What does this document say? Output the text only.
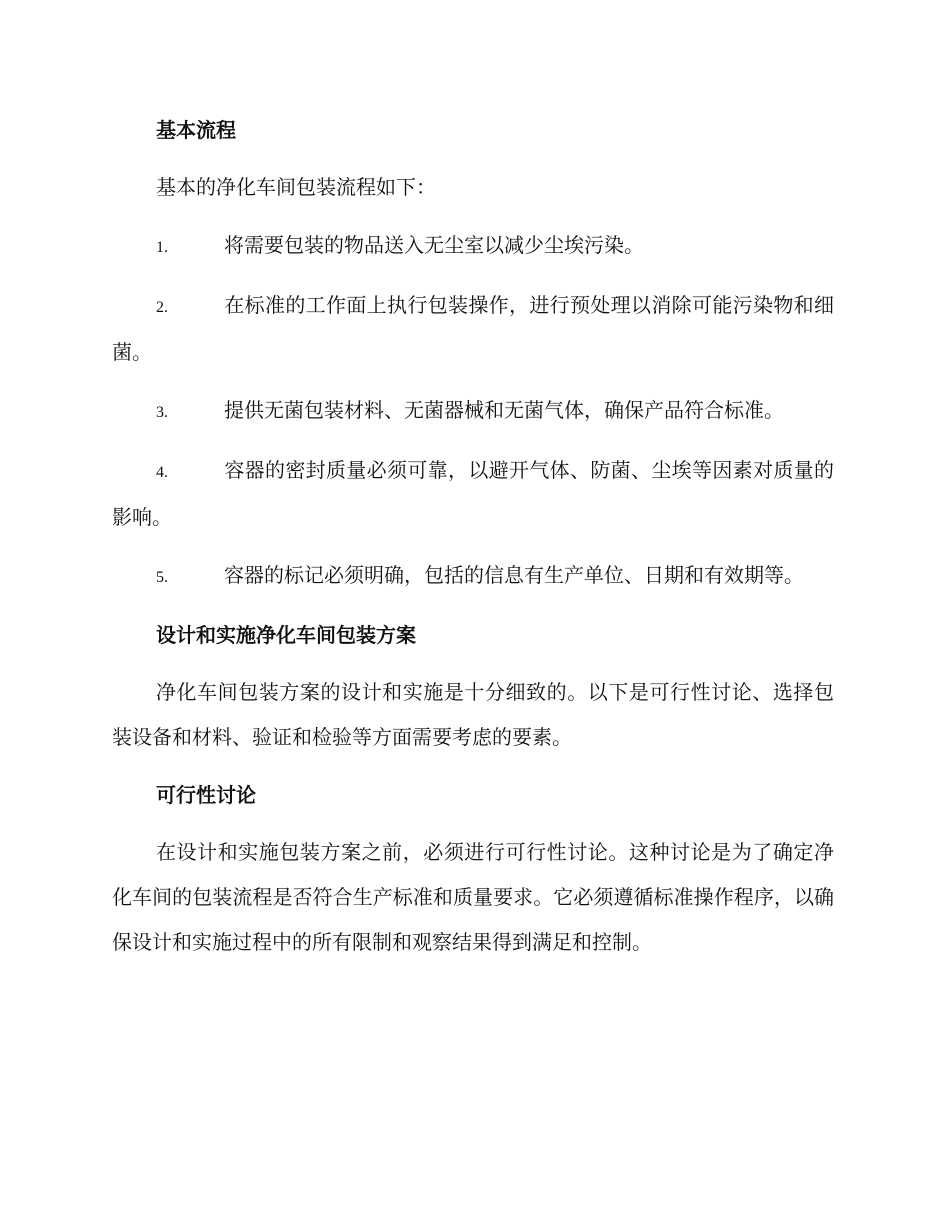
基本流程
基本的净化车间包装流程如下：
1.	将需要包装的物品送入无尘室以减少尘埃污染。
2.	在标准的工作面上执行包装操作，进行预处理以消除可能污染物和细菌。
3.	提供无菌包装材料、无菌器械和无菌气体，确保产品符合标准。
4.	容器的密封质量必须可靠，以避开气体、防菌、尘埃等因素对质量的影响。
5.	容器的标记必须明确，包括的信息有生产单位、日期和有效期等。
设计和实施净化车间包装方案
净化车间包装方案的设计和实施是十分细致的。以下是可行性讨论、选择包装设备和材料、验证和检验等方面需要考虑的要素。
可行性讨论
在设计和实施包装方案之前，必须进行可行性讨论。这种讨论是为了确定净化车间的包装流程是否符合生产标准和质量要求。它必须遵循标准操作程序，以确保设计和实施过程中的所有限制和观察结果得到满足和控制。
